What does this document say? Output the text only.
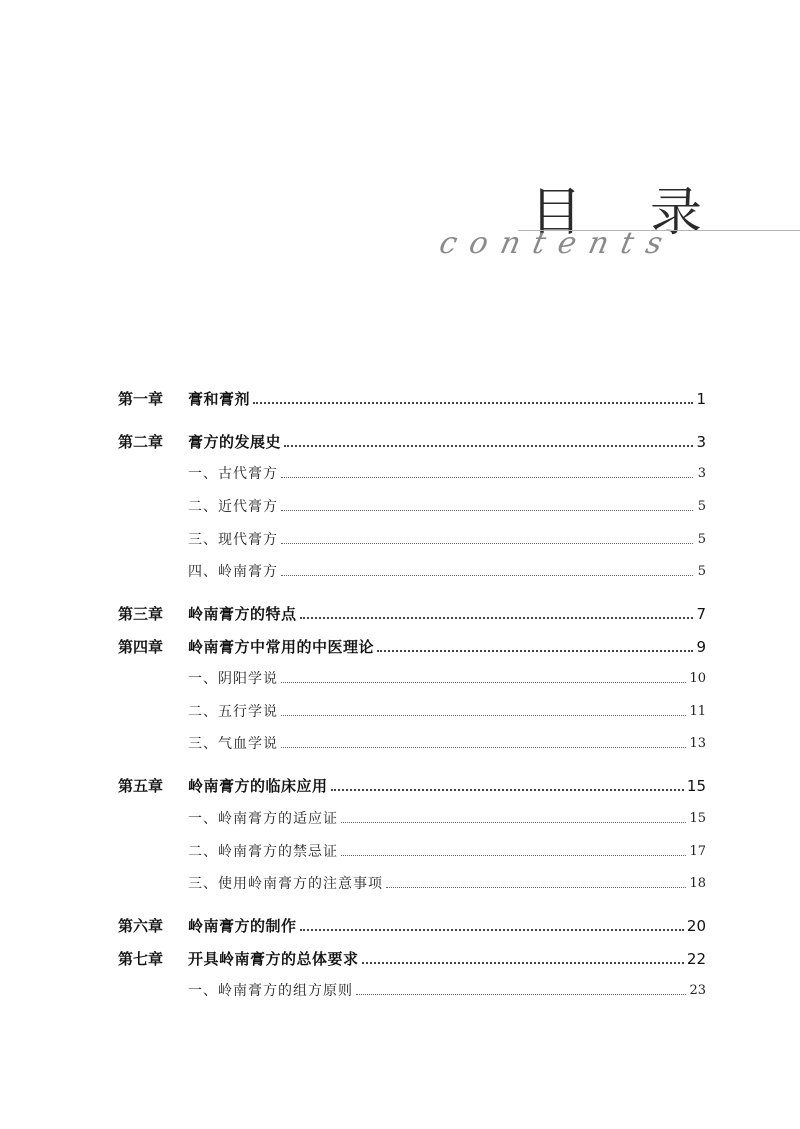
目 录
contents
第一章	膏和膏剂	1
第二章	膏方的发展史	3
一、古代膏方	3
二、近代膏方	5
三、现代膏方	5
四、岭南膏方	5
第三章	岭南膏方的特点	7
第四章	岭南膏方中常用的中医理论	9
一、阴阳学说	10
二、五行学说	11
三、气血学说	13
第五章	岭南膏方的临床应用	15
一、岭南膏方的适应证	15
二、岭南膏方的禁忌证	17
三、使用岭南膏方的注意事项	18
第六章	岭南膏方的制作	20
第七章	开具岭南膏方的总体要求	22
一、岭南膏方的组方原则	23
